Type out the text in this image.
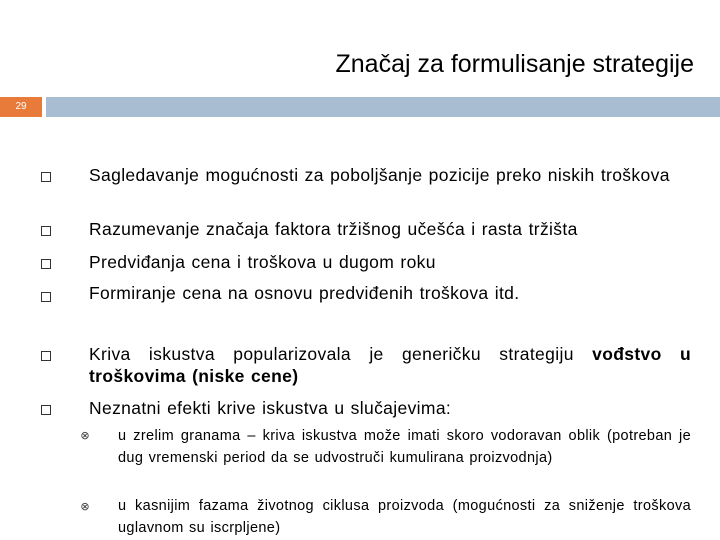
Značaj za formulisanje strategije
29
Sagledavanje mogućnosti za poboljšanje pozicije preko niskih troškova
Razumevanje značaja faktora tržišnog učešća i rasta tržišta
Predviđanja cena i troškova u dugom roku
Formiranje cena na osnovu predviđenih troškova itd.
Kriva iskustva popularizovala je generičku strategiju vođstvo u troškovima (niske cene)
Neznatni efekti krive iskustva u slučajevima:
⊗ u zrelim granama – kriva iskustva može imati skoro vodoravan oblik (potreban je dug vremenski period da se udvostruči kumulirana proizvodnja)
⊗ u kasnijim fazama životnog ciklusa proizvoda (mogućnosti za sniženje troškova uglavnom su iscrpljene)
